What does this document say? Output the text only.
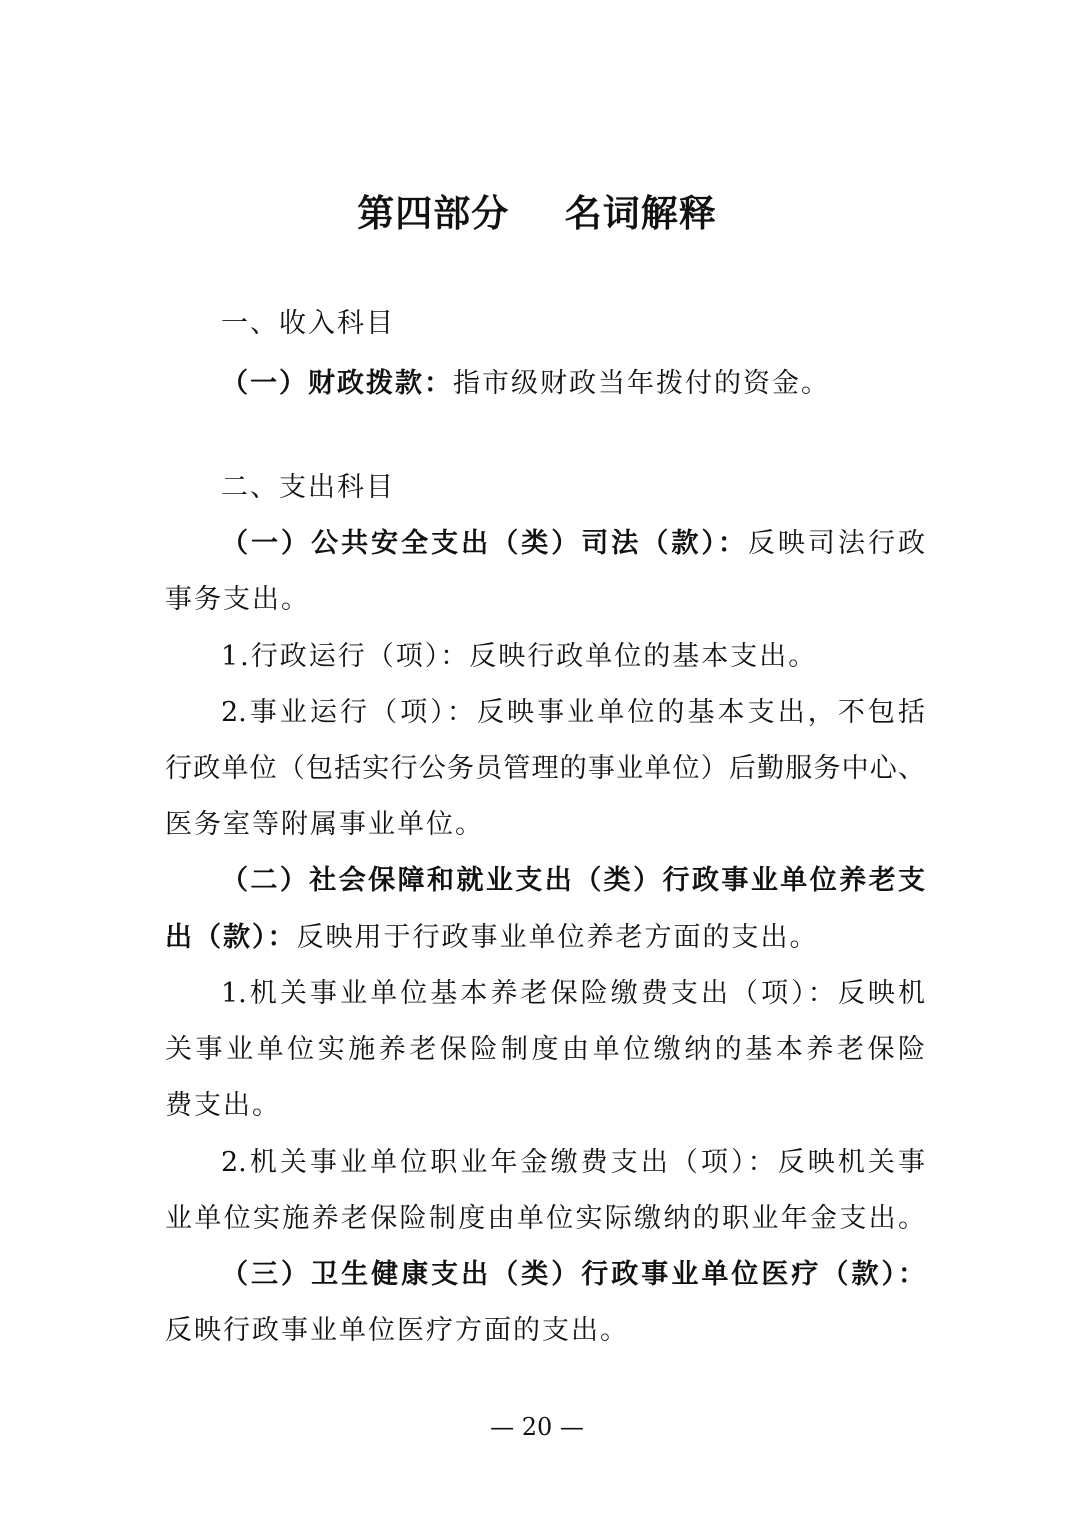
第四部分    名词解释
一、收入科目
（一）财政拨款：指市级财政当年拨付的资金。
二、支出科目
（一）公共安全支出（类）司法（款）：反映司法行政
事务支出。
1.行政运行（项）：反映行政单位的基本支出。
2.事业运行（项）：反映事业单位的基本支出，不包括
行政单位（包括实行公务员管理的事业单位）后勤服务中心、
医务室等附属事业单位。
（二）社会保障和就业支出（类）行政事业单位养老支
出（款）：反映用于行政事业单位养老方面的支出。
1.机关事业单位基本养老保险缴费支出（项）：反映机
关事业单位实施养老保险制度由单位缴纳的基本养老保险
费支出。
2.机关事业单位职业年金缴费支出（项）：反映机关事
业单位实施养老保险制度由单位实际缴纳的职业年金支出。
（三）卫生健康支出（类）行政事业单位医疗（款）：
反映行政事业单位医疗方面的支出。
— 20 —
